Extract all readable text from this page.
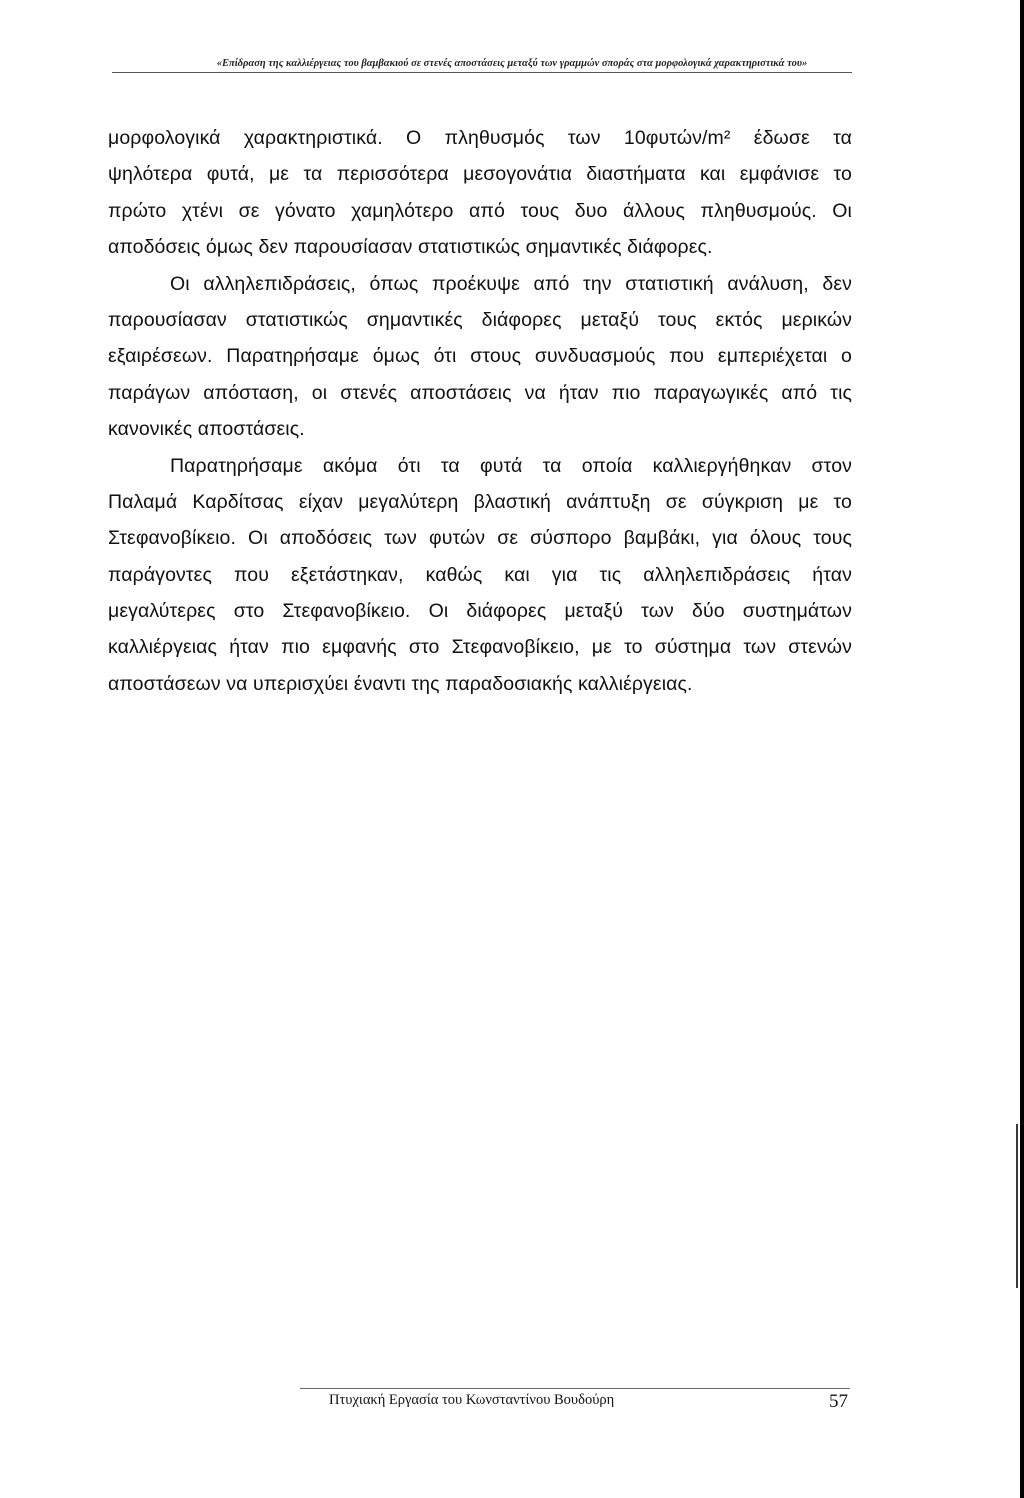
«Επίδραση της καλλιέργειας του βαμβακιού σε στενές αποστάσεις μεταξύ των γραμμών σποράς στα μορφολογικά χαρακτηριστικά του»
μορφολογικά χαρακτηριστικά. Ο πληθυσμός των 10φυτών/m² έδωσε τα
ψηλότερα φυτά, με τα περισσότερα μεσογονάτια διαστήματα και εμφάνισε το
πρώτο χτένι σε γόνατο χαμηλότερο από τους δυο άλλους πληθυσμούς. Οι
αποδόσεις όμως δεν παρουσίασαν στατιστικώς σημαντικές διάφορες.
Οι αλληλεπιδράσεις, όπως προέκυψε από την στατιστική ανάλυση, δεν
παρουσίασαν στατιστικώς σημαντικές διάφορες μεταξύ τους εκτός μερικών
εξαιρέσεων. Παρατηρήσαμε όμως ότι στους συνδυασμούς που εμπεριέχεται ο
παράγων απόσταση, οι στενές αποστάσεις να ήταν πιο παραγωγικές από τις
κανονικές αποστάσεις.
Παρατηρήσαμε ακόμα ότι τα φυτά τα οποία καλλιεργήθηκαν στον
Παλαμά Καρδίτσας είχαν μεγαλύτερη βλαστική ανάπτυξη σε σύγκριση με το
Στεφανοβίκειο. Οι αποδόσεις των φυτών σε σύσπορο βαμβάκι, για όλους τους
παράγοντες που εξετάστηκαν, καθώς και για τις αλληλεπιδράσεις ήταν
μεγαλύτερες στο Στεφανοβίκειο. Οι διάφορες μεταξύ των δύο συστημάτων
καλλιέργειας ήταν πιο εμφανής στο Στεφανοβίκειο, με το σύστημα των στενών
αποστάσεων να υπερισχύει έναντι της παραδοσιακής καλλιέργειας.
Πτυχιακή Εργασία του Κωνσταντίνου Βουδούρη	57
